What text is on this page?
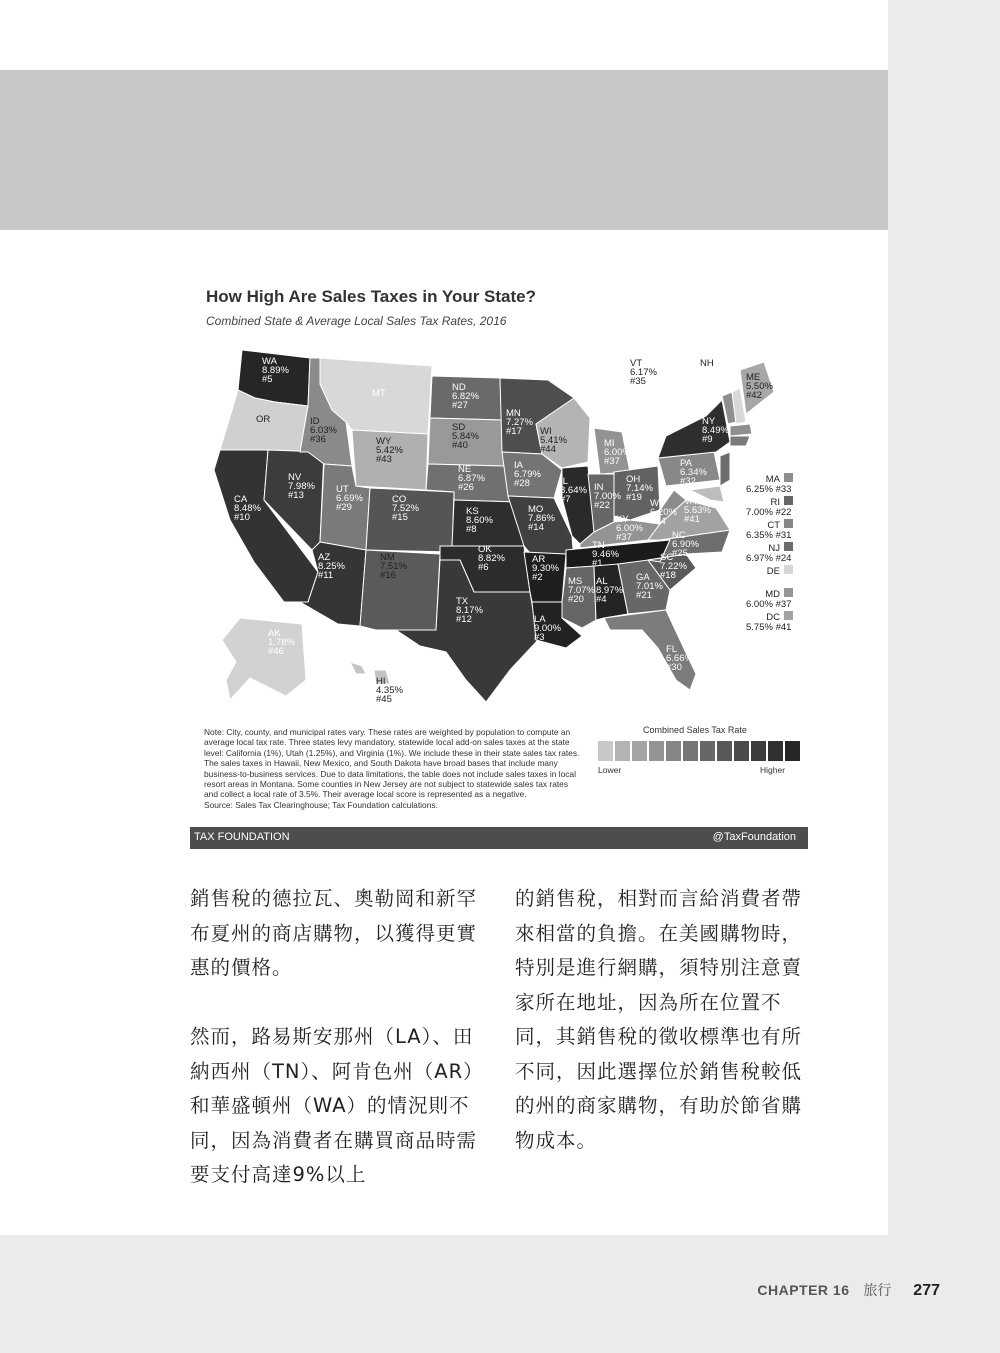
How High Are Sales Taxes in Your State?
Combined State & Average Local Sales Tax Rates, 2016
WA 8.89% #5
OR
CA 8.48% #10
NV 7.98% #13
ID 6.03% #36
MT
WY 5.42% #43
UT 6.69% #29
AZ 8.25% #11
CO 7.52% #15
NM 7.51% #16
ND 6.82% #27
SD 5.84% #40
NE 6.87% #26
KS 8.60% #8
OK 8.82% #6
TX 8.17% #12
MN 7.27% #17
IA 6.79% #28
MO 7.86% #14
AR 9.30% #2
LA 9.00% #3
WI 5.41% #44
IL 8.64% #7
MI 6.00% #37
IN 7.00% #22
OH 7.14% #19
KY 6.00% #37
TN 9.46% #1
MS 7.07% #20
AL 8.97% #4
GA 7.01% #21
FL 6.66% #30
SC 7.22% #18
NC 6.90% #25
VA 5.63% #41
WV 6.20% #34
PA 6.34% #32
NY 8.49% #9
VT 6.17% #35
NH
ME 5.50% #42
AK 1.78% #46
HI 4.35% #45
MA
6.25% #33
RI
7.00% #22
CT
6.35% #31
NJ
6.97% #24
DE
MD
6.00% #37
DC
5.75% #41

Note: City, county, and municipal rates vary. These rates are weighted by population to compute an average local tax rate. Three states levy mandatory, statewide local add-on sales taxes at the state level: California (1%), Utah (1.25%), and Virginia (1%). We include these in their state sales tax rates. The sales taxes in Hawaii, New Mexico, and South Dakota have broad bases that include many business-to-business services. Due to data limitations, the table does not include sales taxes in local resort areas in Montana. Some counties in New Jersey are not subject to statewide sales tax rates and collect a local rate of 3.5%. Their average local score is represented as a negative.

Source: Sales Tax Clearinghouse; Tax Foundation calculations.

Combined Sales Tax Rate
Lower	Higher
TAX FOUNDATION	@TaxFoundation

銷售稅的德拉瓦、奧勒岡和新罕布夏州的商店購物，以獲得更實惠的價格。

然而，路易斯安那州（LA）、田納西州（TN）、阿肯色州（AR）和華盛頓州（WA）的情況則不同，因為消費者在購買商品時需要支付高達9%以上

的銷售稅，相對而言給消費者帶來相當的負擔。在美國購物時，特別是進行網購，須特別注意賣家所在地址，因為所在位置不同，其銷售稅的徵收標準也有所不同，因此選擇位於銷售稅較低的州的商家購物，有助於節省購物成本。

CHAPTER 16 旅行 277
